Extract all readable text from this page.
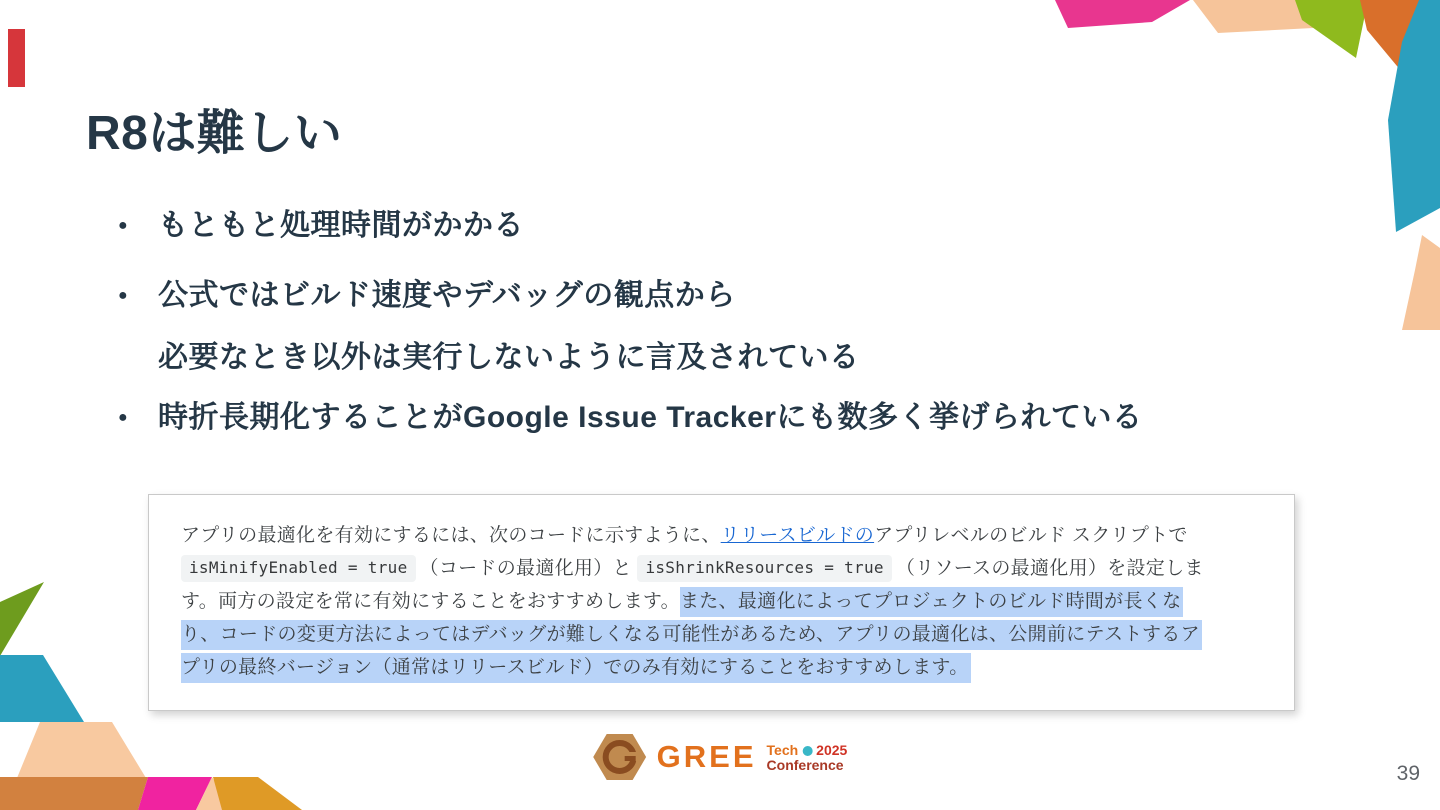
R8は難しい
●	もともと処理時間がかかる
●	公式ではビルド速度やデバッグの観点から
必要なとき以外は実行しないように言及されている
●	時折長期化することがGoogle Issue Trackerにも数多く挙げられている
アプリの最適化を有効にするには、次のコードに示すように、リリースビルドのアプリレベルのビルド スクリプトで
isMinifyEnabled = true （コードの最適化用）と isShrinkResources = true （リソースの最適化用）を設定しま
す。両方の設定を常に有効にすることをおすすめします。また、最適化によってプロジェクトのビルド時間が長くな
り、コードの変更方法によってはデバッグが難しくなる可能性があるため、アプリの最適化は、公開前にテストするア
プリの最終バージョン（通常はリリースビルド）でのみ有効にすることをおすすめします。
GREE Tech 2025
Conference	39
